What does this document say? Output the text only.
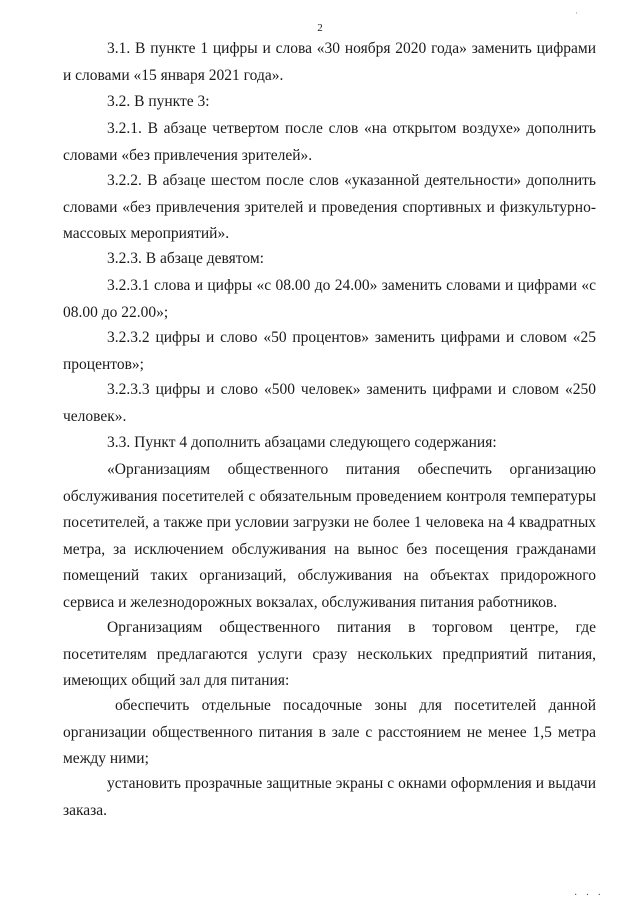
·
2

3.1. В пункте 1 цифры и слова «30 ноября 2020 года» заменить цифрами и словами «15 января 2021 года».

3.2. В пункте 3:

3.2.1. В абзаце четвертом после слов «на открытом воздухе» дополнить словами «без привлечения зрителей».

3.2.2. В абзаце шестом после слов «указанной деятельности» дополнить словами «без привлечения зрителей и проведения спортивных и физкультурно-массовых мероприятий».

3.2.3. В абзаце девятом:

3.2.3.1 слова и цифры «с 08.00 до 24.00» заменить словами и цифрами «с 08.00 до 22.00»;

3.2.3.2 цифры и слово «50 процентов» заменить цифрами и словом «25 процентов»;

3.2.3.3 цифры и слово «500 человек» заменить цифрами и словом «250 человек».

3.3. Пункт 4 дополнить абзацами следующего содержания:

«Организациям общественного питания обеспечить организацию обслуживания посетителей с обязательным проведением контроля температуры посетителей, а также при условии загрузки не более 1 человека на 4 квадратных метра, за исключением обслуживания на вынос без посещения гражданами помещений таких организаций, обслуживания на объектах придорожного сервиса и железнодорожных вокзалах, обслуживания питания работников.

Организациям общественного питания в торговом центре, где посетителям предлагаются услуги сразу нескольких предприятий питания, имеющих общий зал для питания:

обеспечить отдельные посадочные зоны для посетителей данной организации общественного питания в зале с расстоянием не менее 1,5 метра между ними;

установить прозрачные защитные экраны с окнами оформления и выдачи заказа.

· · ·
